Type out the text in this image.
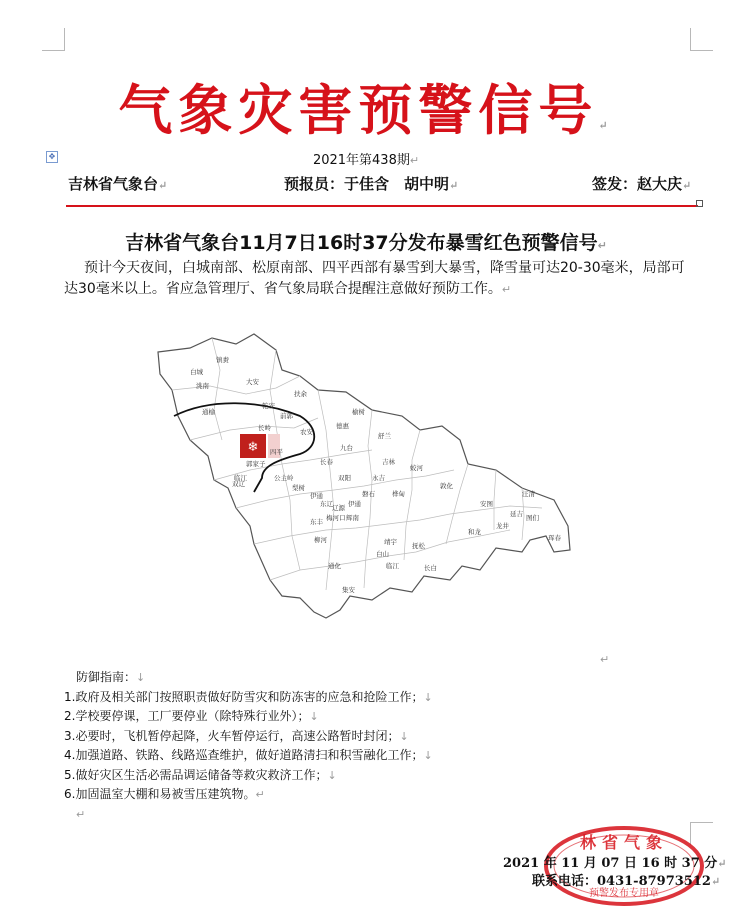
气象灾害预警信号↵
✥	2021年第438期↵
吉林省气象台↵	预报员：于佳含　胡中明↵	签发：赵大庆↵
吉林省气象台11月7日16时37分发布暴雪红色预警信号↵
预计今天夜间，白城南部、松原南部、四平西部有暴雪到大暴雪，降雪量可达20-30毫米，局部可达30毫米以上。省应急管理厅、省气象局联合提醒注意做好预防工作。↵
❄
镇赉
白城
洮南	大安
乾安
前郭
扶余
通榆
长岭	农安
德惠
榆树
舒兰
九台
长春
公主岭
双辽	梨树
伊通
双阳	永吉
蛟河
敦化
安图
汪清
珲春
图们
龙井
延吉
和龙
抚松
靖宇
长白
临江
白山
通化
集安
柳河
梅河口 辉南
东丰
东辽 辽源
磐石	桦甸
吉林
四平
伊通
郭家子
临江
↵
防御指南：↓
1.政府及相关部门按照职责做好防雪灾和防冻害的应急和抢险工作；↓
2.学校要停课，工厂要停业（除特殊行业外）；↓
3.必要时，飞机暂停起降，火车暂停运行，高速公路暂时封闭；↓
4.加强道路、铁路、线路巡查维护，做好道路清扫和积雪融化工作；↓
5.做好灾区生活必需品调运储备等救灾救济工作；↓
6.加固温室大棚和易被雪压建筑物。↵
↵
林省气象
预警发布专用章
2021 年 11 月 07 日 16 时 37 分↵
联系电话：0431-87973512↵
